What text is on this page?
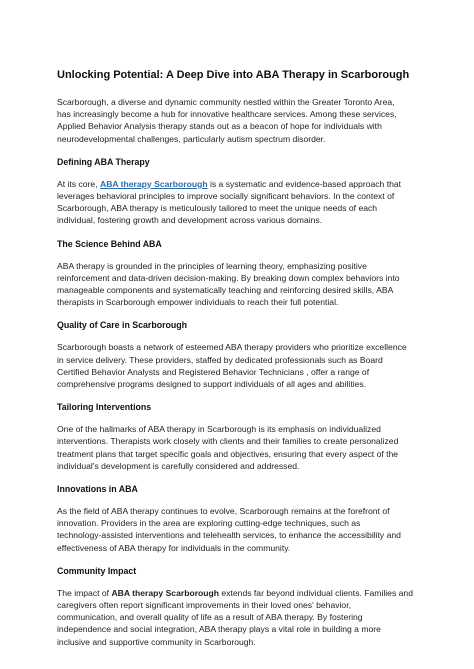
Unlocking Potential: A Deep Dive into ABA Therapy in Scarborough

Scarborough, a diverse and dynamic community nestled within the Greater Toronto Area,
has increasingly become a hub for innovative healthcare services. Among these services,
Applied Behavior Analysis therapy stands out as a beacon of hope for individuals with
neurodevelopmental challenges, particularly autism spectrum disorder.

Defining ABA Therapy

At its core, ABA therapy Scarborough is a systematic and evidence-based approach that
leverages behavioral principles to improve socially significant behaviors. In the context of
Scarborough, ABA therapy is meticulously tailored to meet the unique needs of each
individual, fostering growth and development across various domains.

The Science Behind ABA

ABA therapy is grounded in the principles of learning theory, emphasizing positive
reinforcement and data-driven decision-making. By breaking down complex behaviors into
manageable components and systematically teaching and reinforcing desired skills, ABA
therapists in Scarborough empower individuals to reach their full potential.

Quality of Care in Scarborough

Scarborough boasts a network of esteemed ABA therapy providers who prioritize excellence
in service delivery. These providers, staffed by dedicated professionals such as Board
Certified Behavior Analysts and Registered Behavior Technicians , offer a range of
comprehensive programs designed to support individuals of all ages and abilities.

Tailoring Interventions

One of the hallmarks of ABA therapy in Scarborough is its emphasis on individualized
interventions. Therapists work closely with clients and their families to create personalized
treatment plans that target specific goals and objectives, ensuring that every aspect of the
individual's development is carefully considered and addressed.

Innovations in ABA

As the field of ABA therapy continues to evolve, Scarborough remains at the forefront of
innovation. Providers in the area are exploring cutting-edge techniques, such as
technology-assisted interventions and telehealth services, to enhance the accessibility and
effectiveness of ABA therapy for individuals in the community.

Community Impact

The impact of ABA therapy Scarborough extends far beyond individual clients. Families and
caregivers often report significant improvements in their loved ones' behavior,
communication, and overall quality of life as a result of ABA therapy. By fostering
independence and social integration, ABA therapy plays a vital role in building a more
inclusive and supportive community in Scarborough.
